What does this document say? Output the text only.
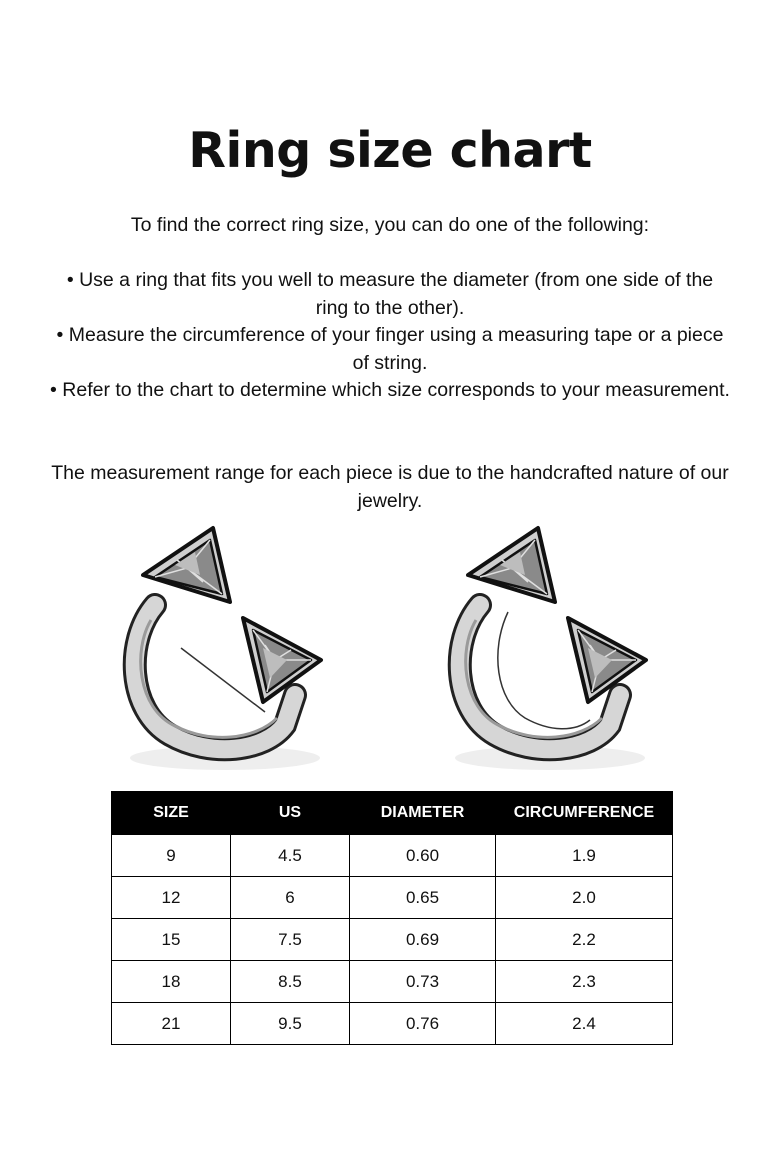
Ring size chart

To find the correct ring size, you can do one of the following:

• Use a ring that fits you well to measure the diameter (from one side of the ring to the other).
• Measure the circumference of your finger using a measuring tape or a piece of string.
• Refer to the chart to determine which size corresponds to your measurement.

The measurement range for each piece is due to the handcrafted nature of our jewelry.

SIZE	US	DIAMETER	CIRCUMFERENCE
9	4.5	0.60	1.9
12	6	0.65	2.0
15	7.5	0.69	2.2
18	8.5	0.73	2.3
21	9.5	0.76	2.4
